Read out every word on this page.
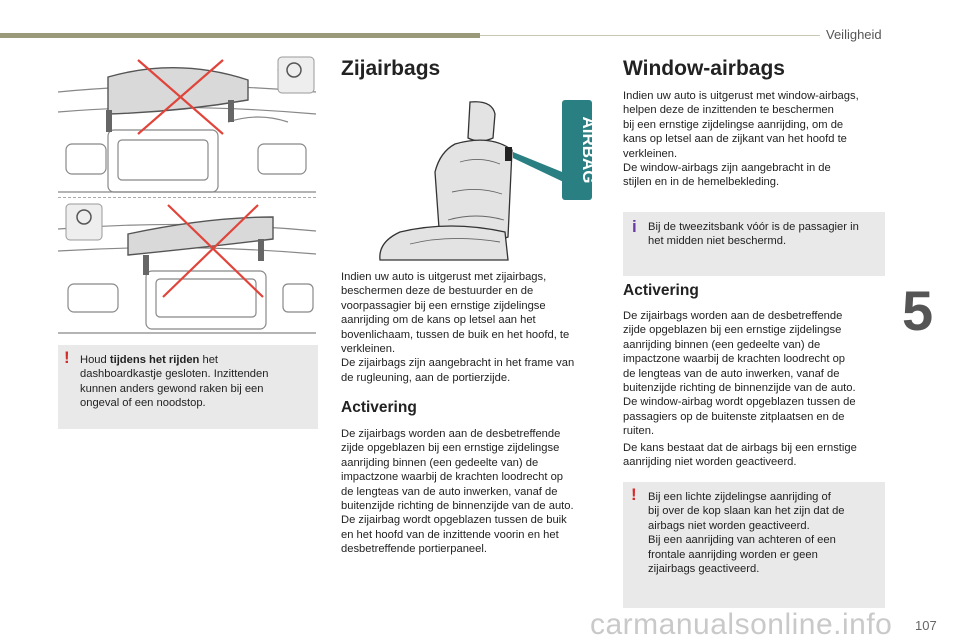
Veiligheid
5
carmanualsonline.info 107
! Houd tijdens het rijden het
dashboardkastje gesloten. Inzittenden
kunnen anders gewond raken bij een
ongeval of een noodstop.
Zijairbags
AIRBAG
Indien uw auto is uitgerust met zijairbags,
beschermen deze de bestuurder en de
voorpassagier bij een ernstige zijdelingse
aanrijding om de kans op letsel aan het
bovenlichaam, tussen de buik en het hoofd, te
verkleinen.
De zijairbags zijn aangebracht in het frame van
de rugleuning, aan de portierzijde.
Activering
De zijairbags worden aan de desbetreffende
zijde opgeblazen bij een ernstige zijdelingse
aanrijding binnen (een gedeelte van) de
impactzone waarbij de krachten loodrecht op
de lengteas van de auto inwerken, vanaf de
buitenzijde richting de binnenzijde van de auto.
De zijairbag wordt opgeblazen tussen de buik
en het hoofd van de inzittende voorin en het
desbetreffende portierpaneel.
Window-airbags
Indien uw auto is uitgerust met window-airbags,
helpen deze de inzittenden te beschermen
bij een ernstige zijdelingse aanrijding, om de
kans op letsel aan de zijkant van het hoofd te
verkleinen.
De window-airbags zijn aangebracht in de
stijlen en in de hemelbekleding.
i Bij de tweezitsbank vóór is de passagier in
het midden niet beschermd.
Activering
De zijairbags worden aan de desbetreffende
zijde opgeblazen bij een ernstige zijdelingse
aanrijding binnen (een gedeelte van) de
impactzone waarbij de krachten loodrecht op
de lengteas van de auto inwerken, vanaf de
buitenzijde richting de binnenzijde van de auto.
De window-airbag wordt opgeblazen tussen de
passagiers op de buitenste zitplaatsen en de
ruiten.
De kans bestaat dat de airbags bij een ernstige
aanrijding niet worden geactiveerd.
! Bij een lichte zijdelingse aanrijding of
bij over de kop slaan kan het zijn dat de
airbags niet worden geactiveerd.
Bij een aanrijding van achteren of een
frontale aanrijding worden er geen
zijairbags geactiveerd.
